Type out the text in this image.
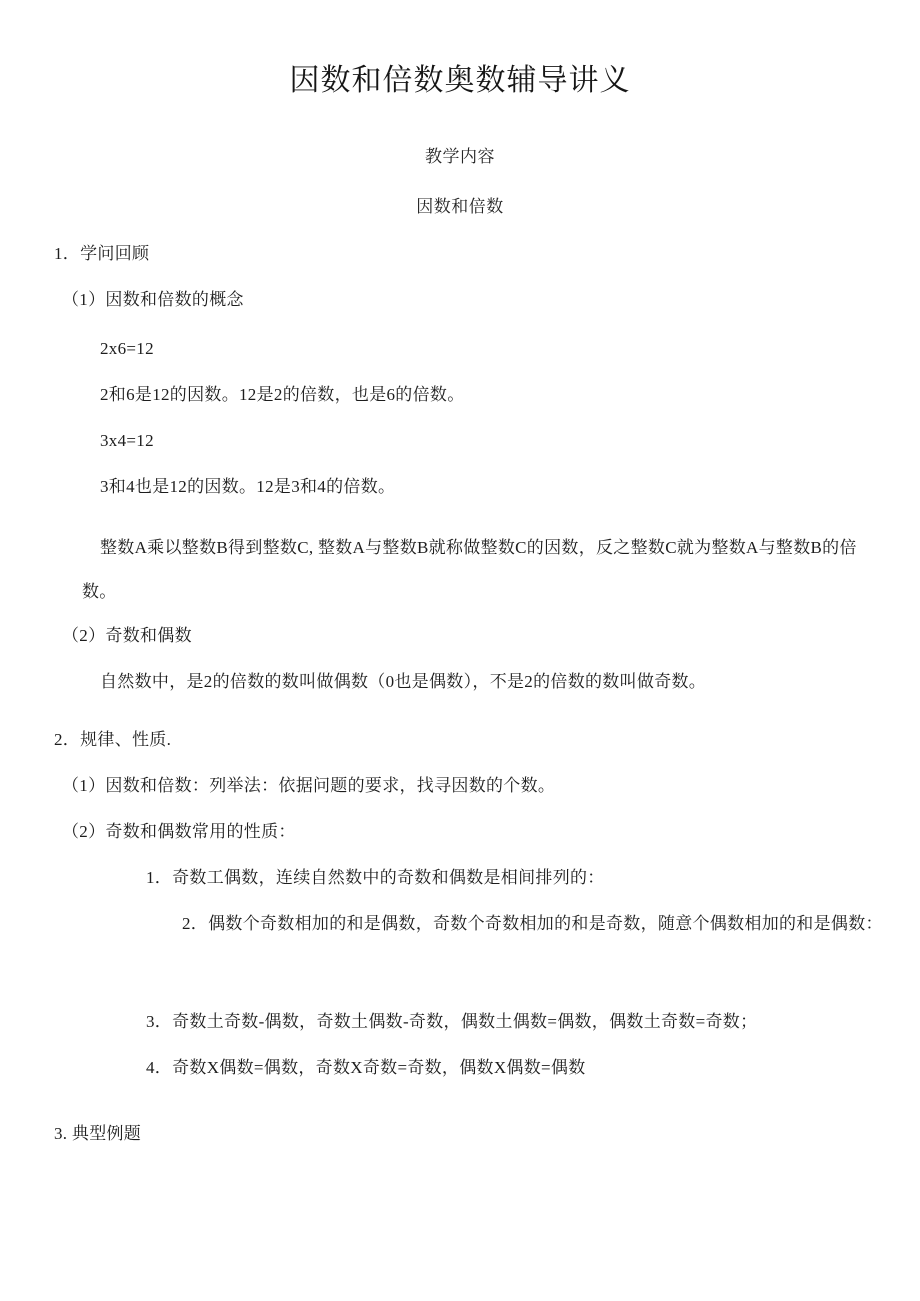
因数和倍数奥数辅导讲义
教学内容
因数和倍数
1．学问回顾
（1）因数和倍数的概念
2x6=12
2和6是12的因数。12是2的倍数，也是6的倍数。
3x4=12
3和4也是12的因数。12是3和4的倍数。
整数A乘以整数B得到整数C, 整数A与整数B就称做整数C的因数，反之整数C就为整数A与整数B的倍数。
（2）奇数和偶数
自然数中，是2的倍数的数叫做偶数（0也是偶数），不是2的倍数的数叫做奇数。
2．规律、性质.
（1）因数和倍数：列举法：依据问题的要求，找寻因数的个数。
（2）奇数和偶数常用的性质：
1．奇数工偶数，连续自然数中的奇数和偶数是相间排列的：
2．偶数个奇数相加的和是偶数，奇数个奇数相加的和是奇数，随意个偶数相加的和是偶数：
3．奇数土奇数-偶数，奇数土偶数-奇数，偶数土偶数=偶数，偶数土奇数=奇数；
4．奇数X偶数=偶数，奇数X奇数=奇数，偶数X偶数=偶数
3. 典型例题
